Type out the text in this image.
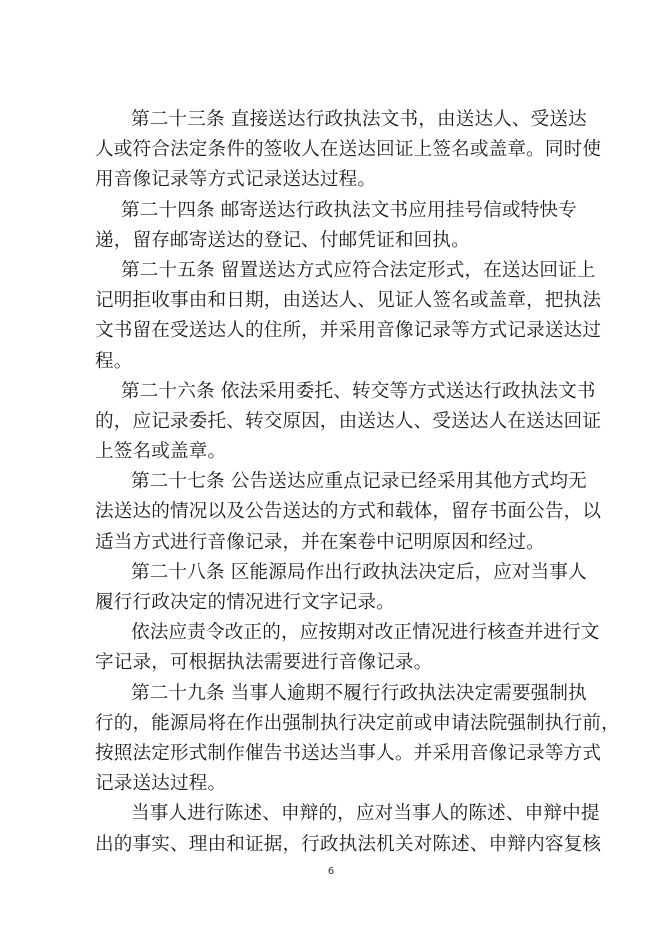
第二十三条 直接送达行政执法文书，由送达人、受送达
人或符合法定条件的签收人在送达回证上签名或盖章。同时使
用音像记录等方式记录送达过程。
第二十四条 邮寄送达行政执法文书应用挂号信或特快专
递，留存邮寄送达的登记、付邮凭证和回执。
第二十五条 留置送达方式应符合法定形式，在送达回证上
记明拒收事由和日期，由送达人、见证人签名或盖章，把执法
文书留在受送达人的住所，并采用音像记录等方式记录送达过
程。
第二十六条 依法采用委托、转交等方式送达行政执法文书
的，应记录委托、转交原因，由送达人、受送达人在送达回证
上签名或盖章。
第二十七条 公告送达应重点记录已经采用其他方式均无
法送达的情况以及公告送达的方式和载体，留存书面公告，以
适当方式进行音像记录，并在案卷中记明原因和经过。
第二十八条 区能源局作出行政执法决定后，应对当事人
履行行政决定的情况进行文字记录。
依法应责令改正的，应按期对改正情况进行核查并进行文
字记录，可根据执法需要进行音像记录。
第二十九条 当事人逾期不履行行政执法决定需要强制执
行的，能源局将在作出强制执行决定前或申请法院强制执行前，
按照法定形式制作催告书送达当事人。并采用音像记录等方式
记录送达过程。
当事人进行陈述、申辩的，应对当事人的陈述、申辩中提
出的事实、理由和证据，行政执法机关对陈述、申辩内容复核
6
